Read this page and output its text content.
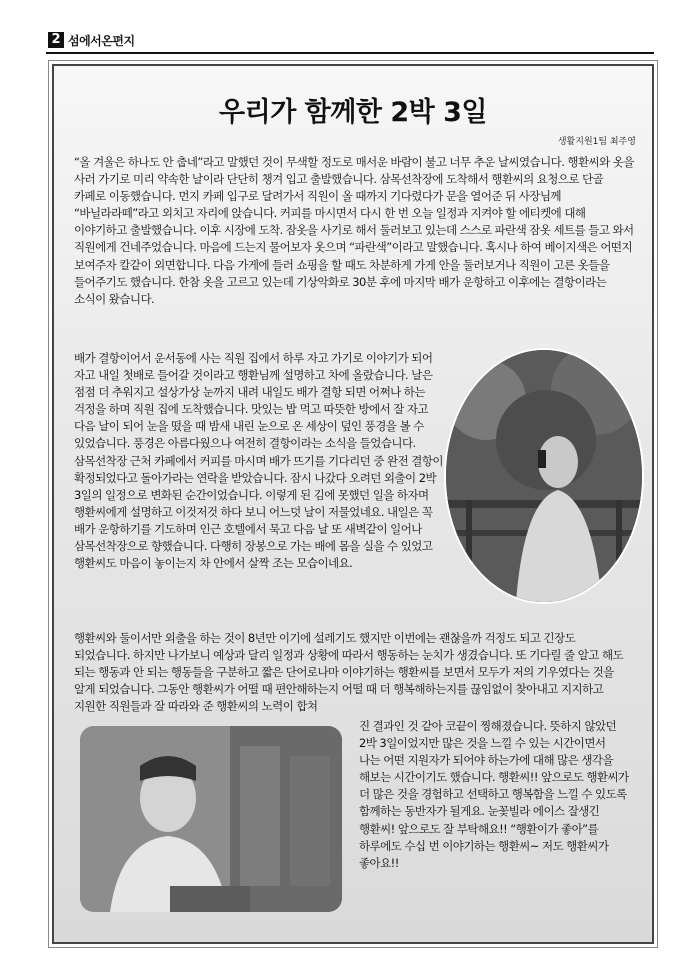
2 섬에서온편지
우리가 함께한 2박 3일
생활지원1팀 최주영

“올 겨울은 하나도 안 춥네”라고 말했던 것이 무색할 정도로 매서운 바람이 불고 너무 추운 날씨였습니다. 행환씨와 옷을 사러 가기로 미리 약속한 날이라 단단히 챙겨 입고 출발했습니다. 삼목선착장에 도착해서 행환씨의 요청으로 단골 카페로 이동했습니다. 먼지 카페 입구로 달려가서 직원이 올 때까지 기다렸다가 문을 열어준 뒤 사장님께 “바닐라라떼”라고 외치고 자리에 앉습니다. 커피를 마시면서 다시 한 번 오늘 일정과 지켜야 할 에티켓에 대해 이야기하고 출발했습니다. 이후 시장에 도착. 잠옷을 사기로 해서 둘러보고 있는데 스스로 파란색 잠옷 세트를 들고 와서 직원에게 건네주었습니다. 마음에 드는지 물어보자 옷으며 “파란색”이라고 말했습니다. 혹시나 하여 베이지색은 어떤지 보여주자 칼같이 외면합니다. 다음 가게에 들러 쇼핑을 할 때도 차분하게 가게 안을 둘러보거나 직원이 고른 옷들을 들어주기도 했습니다. 한참 옷을 고르고 있는데 기상악화로 30분 후에 마지막 배가 운항하고 이후에는 결항이라는 소식이 왔습니다.

배가 결항이어서 운서동에 사는 직원 집에서 하루 자고 가기로 이야기가 되어 자고 내일 첫배로 들어갈 것이라고 행환님께 설명하고 차에 올랐습니다. 날은 점점 더 추워지고 설상가상 눈까지 내려 내일도 배가 결항 되면 어쩌나 하는 걱정을 하며 직원 집에 도착했습니다. 맛있는 밥 먹고 따뜻한 방에서 잘 자고 다음 날이 되어 눈을 떴을 때 밤새 내린 눈으로 온 세상이 덮인 풍경을 볼 수 있었습니다. 풍경은 아름다웠으나 여전히 결항이라는 소식을 들었습니다. 삼목선착장 근처 카페에서 커피를 마시며 배가 뜨기를 기다리던 중 완전 결항이 확정되었다고 돌아가라는 연락을 받았습니다. 잠시 나갔다 오려던 외출이 2박 3일의 일정으로 변화된 순간이었습니다. 이렇게 된 김에 못했던 일을 하자며 행환씨에게 설명하고 이것저것 하다 보니 어느덧 날이 저물었네요. 내일은 꼭 배가 운항하기를 기도하며 인근 호텔에서 묵고 다음 날 또 새벽같이 일어나 삼목선착장으로 향했습니다. 다행히 장봉으로 가는 배에 몸을 실을 수 있었고 행환씨도 마음이 놓이는지 차 안에서 살짝 조는 모습이네요.

행환씨와 둘이서만 외출을 하는 것이 8년만 이기에 설레기도 했지만 이번에는 괜찮을까 걱정도 되고 긴장도 되었습니다. 하지만 나가보니 예상과 달리 일정과 상황에 따라서 행동하는 눈치가 생겼습니다. 또 기다릴 줄 알고 해도 되는 행동과 안 되는 행동들을 구분하고 짧은 단어로나마 이야기하는 행환씨를 보면서 모두가 저의 기우였다는 것을 알게 되었습니다. 그동안 행환씨가 어떨 때 편안해하는지 어떨 때 더 행복해하는지를 끊임없이 찾아내고 지지하고 지원한 직원들과 잘 따라와 준 행환씨의 노력이 합쳐

진 결과인 것 같아 코끝이 찡해졌습니다. 뜻하지 않았던 2박 3일이었지만 많은 것을 느낄 수 있는 시간이면서 나는 어떤 지원자가 되어야 하는가에 대해 많은 생각을 해보는 시간이기도 했습니다. 행환씨!! 앞으로도 행환씨가 더 많은 것을 경험하고 선택하고 행복함을 느낄 수 있도록 함께하는 동반자가 될게요. 눈꽃빌라 에이스 잘생긴 행환씨! 앞으로도 잘 부탁해요!! “행환이가 좋아”를 하루에도 수십 번 이야기하는 행환씨~ 저도 행환씨가 좋아요!!
